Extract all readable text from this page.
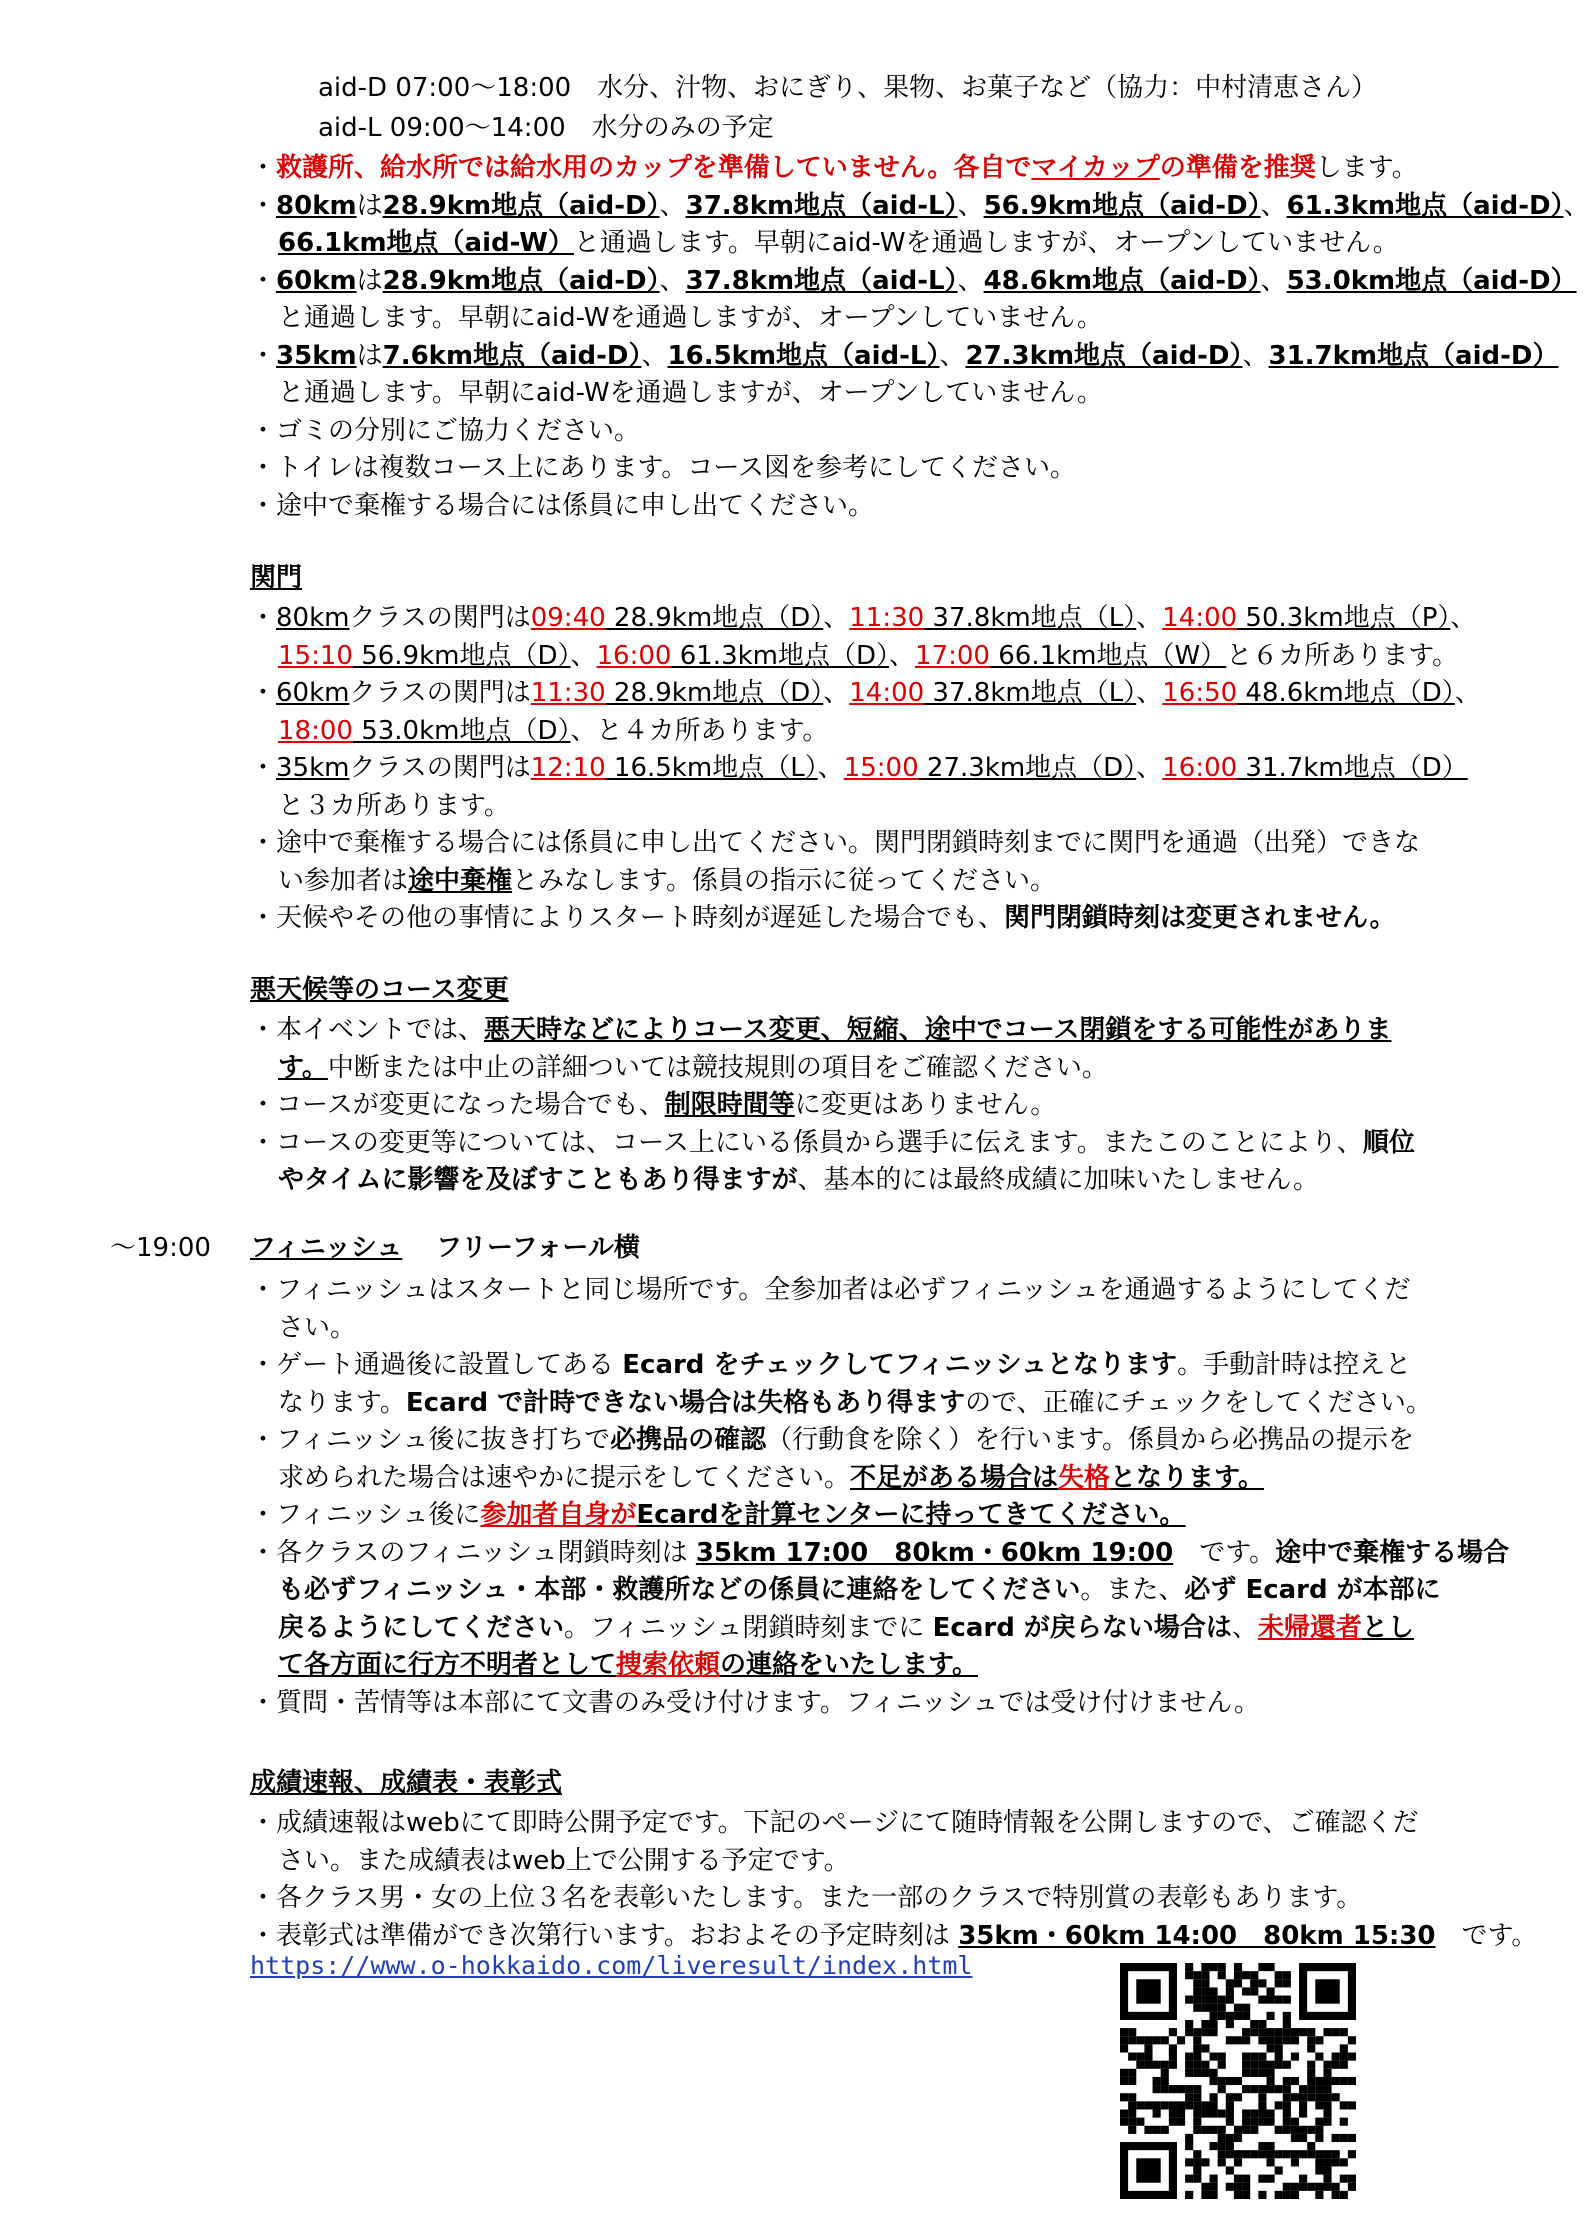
aid-D 07:00～18:00　水分、汁物、おにぎり、果物、お菓子など（協力：中村清恵さん）
aid-L 09:00～14:00　水分のみの予定
・救護所、給水所では給水用のカップを準備していません。各自でマイカップの準備を推奨します。
・80kmは28.9km地点（aid-D）、37.8km地点（aid-L）、56.9km地点（aid-D）、61.3km地点（aid-D）、
66.1km地点（aid-W）と通過します。早朝にaid-Wを通過しますが、オープンしていません。
・60kmは28.9km地点（aid-D）、37.8km地点（aid-L）、48.6km地点（aid-D）、53.0km地点（aid-D）
と通過します。早朝にaid-Wを通過しますが、オープンしていません。
・35kmは7.6km地点（aid-D）、16.5km地点（aid-L）、27.3km地点（aid-D）、31.7km地点（aid-D）
と通過します。早朝にaid-Wを通過しますが、オープンしていません。
・ゴミの分別にご協力ください。
・トイレは複数コース上にあります。コース図を参考にしてください。
・途中で棄権する場合には係員に申し出てください。
関門
・80kmクラスの関門は09:40 28.9km地点（D）、11:30 37.8km地点（L）、14:00 50.3km地点（P）、
15:10 56.9km地点（D）、16:00 61.3km地点（D）、17:00 66.1km地点（W）と６カ所あります。
・60kmクラスの関門は11:30 28.9km地点（D）、14:00 37.8km地点（L）、16:50 48.6km地点（D）、
18:00 53.0km地点（D）、と４カ所あります。
・35kmクラスの関門は12:10 16.5km地点（L）、15:00 27.3km地点（D）、16:00 31.7km地点（D）
と３カ所あります。
・途中で棄権する場合には係員に申し出てください。関門閉鎖時刻までに関門を通過（出発）できな
い参加者は途中棄権とみなします。係員の指示に従ってください。
・天候やその他の事情によりスタート時刻が遅延した場合でも、関門閉鎖時刻は変更されません。
悪天候等のコース変更
・本イベントでは、悪天時などによりコース変更、短縮、途中でコース閉鎖をする可能性がありま
す。中断または中止の詳細ついては競技規則の項目をご確認ください。
・コースが変更になった場合でも、制限時間等に変更はありません。
・コースの変更等については、コース上にいる係員から選手に伝えます。またこのことにより、順位
やタイムに影響を及ぼすこともあり得ますが、基本的には最終成績に加味いたしません。
～19:00 フィニッシュ フリーフォール横
・フィニッシュはスタートと同じ場所です。全参加者は必ずフィニッシュを通過するようにしてくだ
さい。
・ゲート通過後に設置してある Ecard をチェックしてフィニッシュとなります。手動計時は控えと
なります。Ecard で計時できない場合は失格もあり得ますので、正確にチェックをしてください。
・フィニッシュ後に抜き打ちで必携品の確認（行動食を除く）を行います。係員から必携品の提示を
求められた場合は速やかに提示をしてください。不足がある場合は失格となります。
・フィニッシュ後に参加者自身がEcardを計算センターに持ってきてください。
・各クラスのフィニッシュ閉鎖時刻は 35km 17:00　80km・60km 19:00　です。途中で棄権する場合
も必ずフィニッシュ・本部・救護所などの係員に連絡をしてください。また、必ず Ecard が本部に
戻るようにしてください。フィニッシュ閉鎖時刻までに Ecard が戻らない場合は、未帰還者とし
て各方面に行方不明者として捜索依頼の連絡をいたします。
・質問・苦情等は本部にて文書のみ受け付けます。フィニッシュでは受け付けません。
成績速報、成績表・表彰式
・成績速報はwebにて即時公開予定です。下記のページにて随時情報を公開しますので、ご確認くだ
さい。また成績表はweb上で公開する予定です。
・各クラス男・女の上位３名を表彰いたします。また一部のクラスで特別賞の表彰もあります。
・表彰式は準備ができ次第行います。おおよその予定時刻は 35km・60km 14:00　80km 15:30　です。
https://www.o-hokkaido.com/liveresult/index.html
